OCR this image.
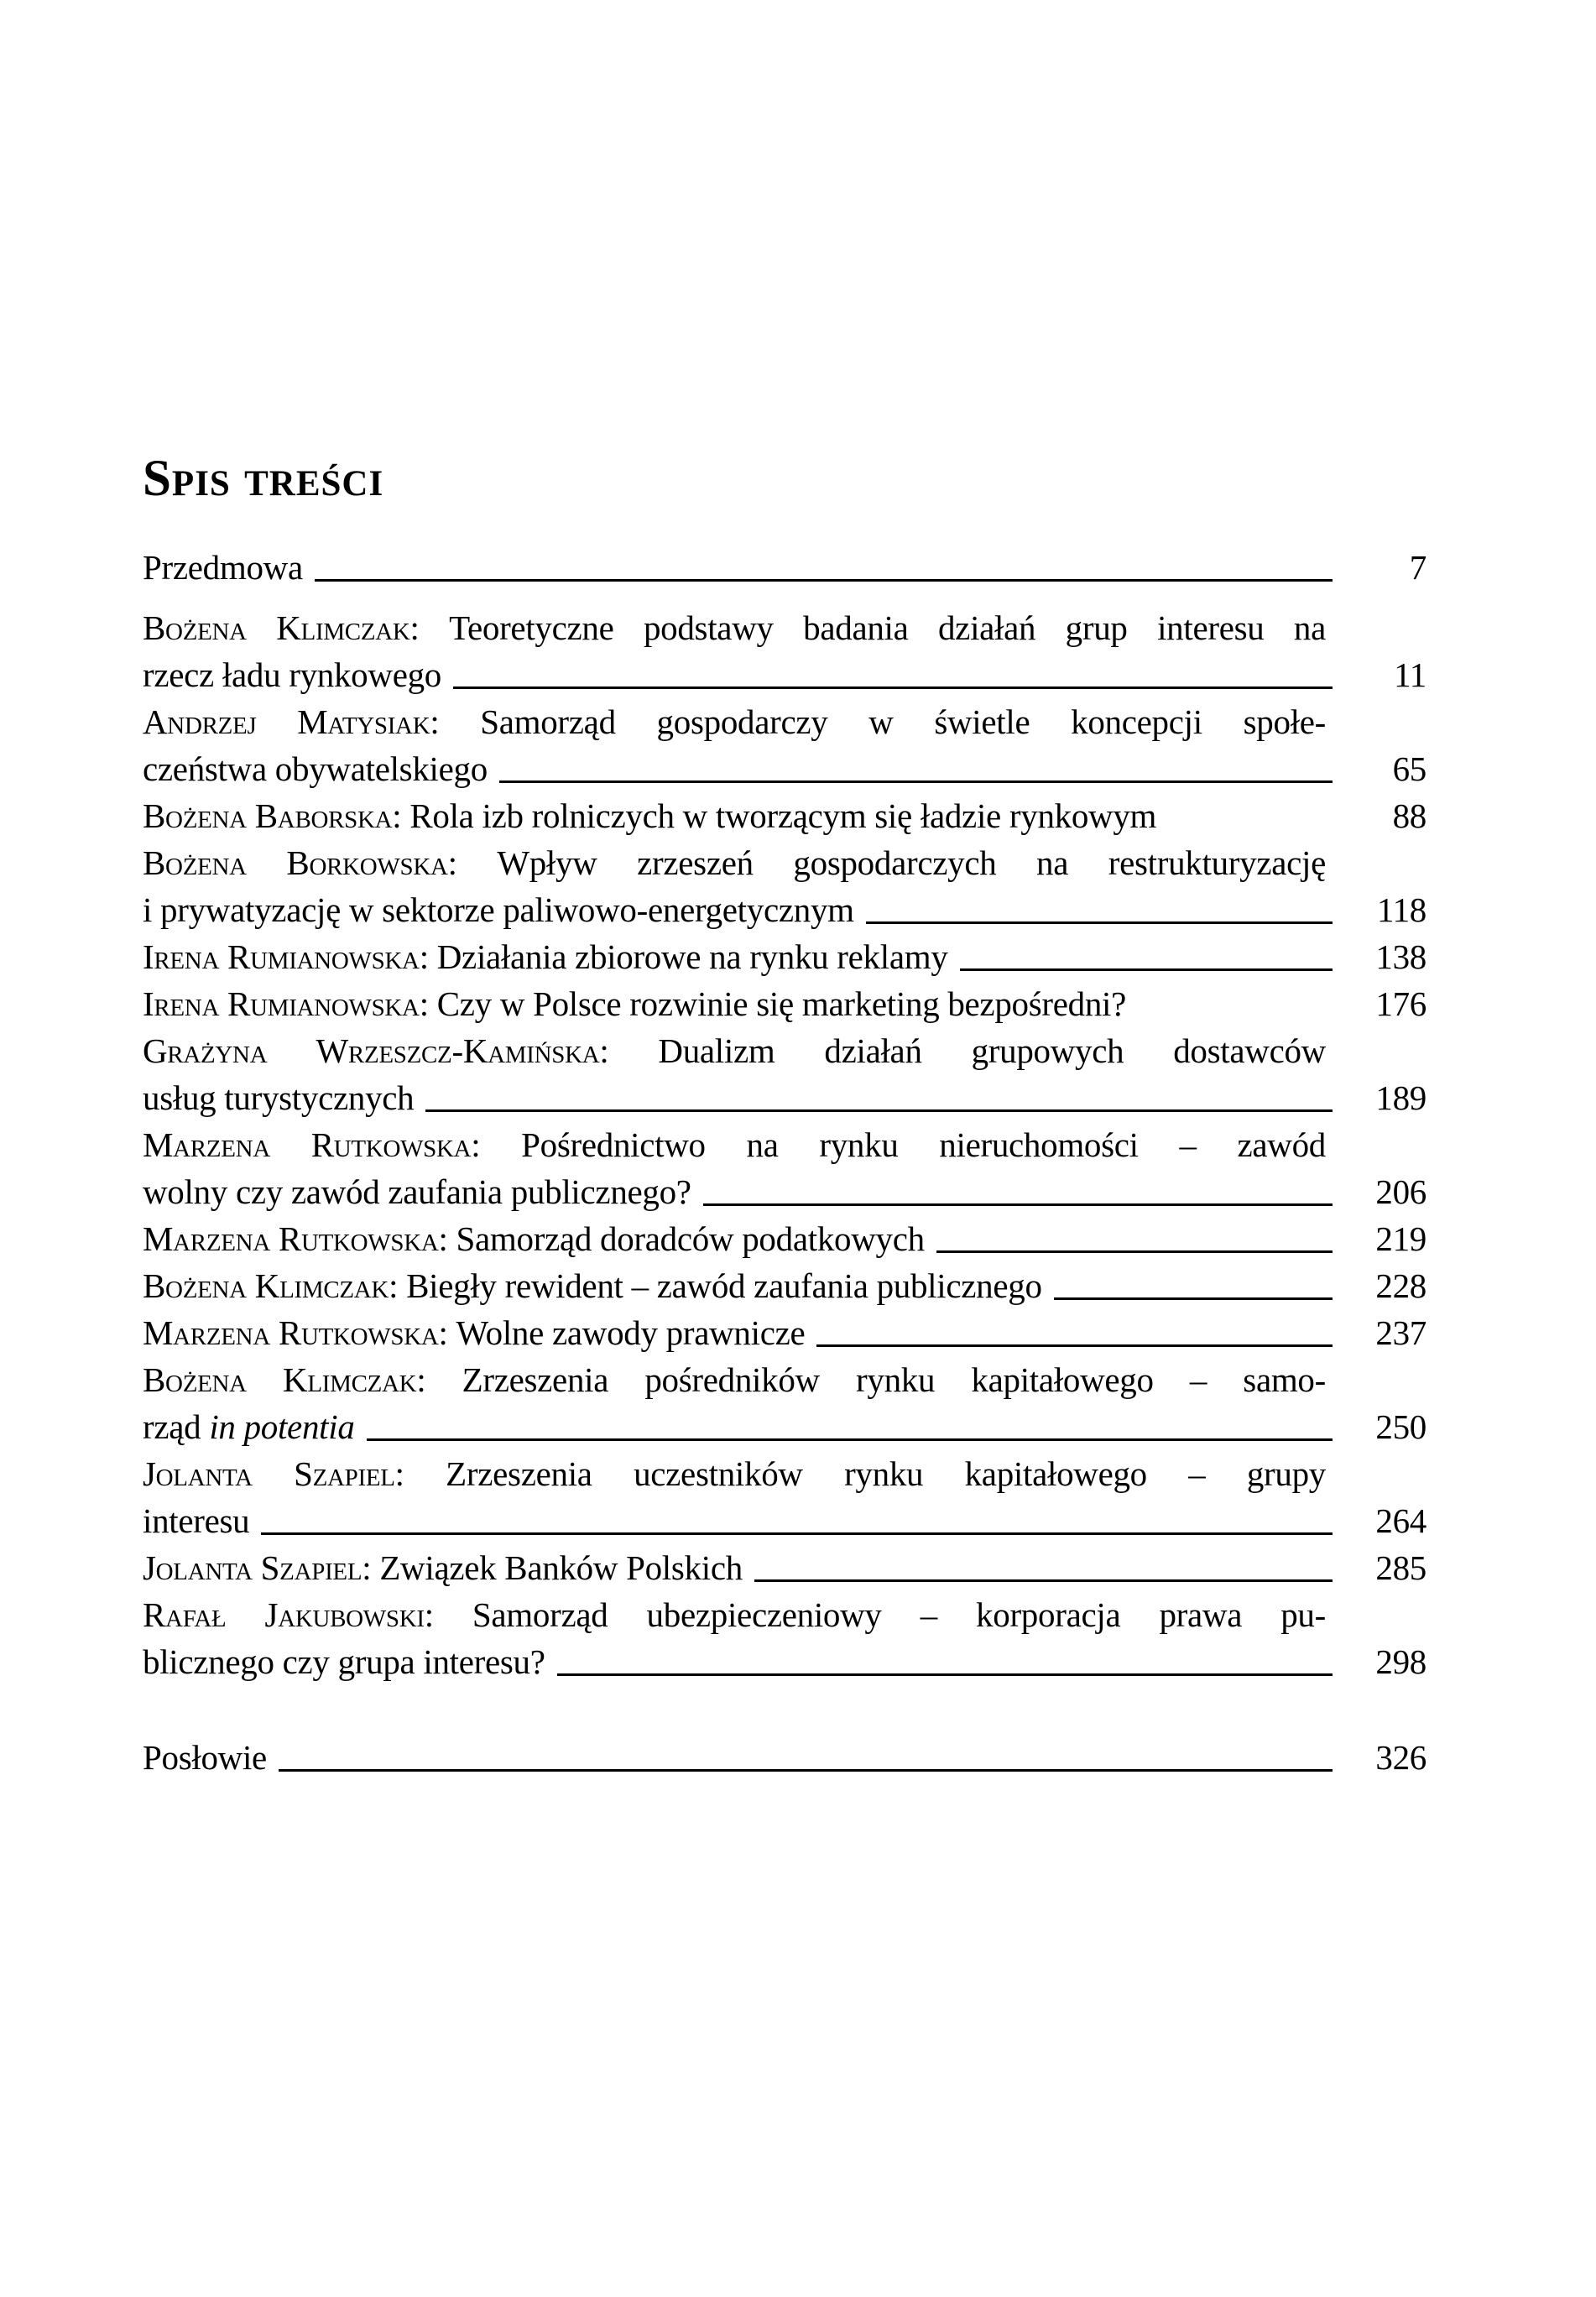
Spis treści
Przedmowa	7
Bożena Klimczak: Teoretyczne podstawy badania działań grup interesu na
rzecz ładu rynkowego	11
Andrzej Matysiak: Samorząd gospodarczy w świetle koncepcji społe-
czeństwa obywatelskiego	65
Bożena Baborska: Rola izb rolniczych w tworzącym się ładzie rynkowym	88
Bożena Borkowska: Wpływ zrzeszeń gospodarczych na restrukturyzację
i prywatyzację w sektorze paliwowo-energetycznym	118
Irena Rumianowska: Działania zbiorowe na rynku reklamy	138
Irena Rumianowska: Czy w Polsce rozwinie się marketing bezpośredni?	176
Grażyna Wrzeszcz-Kamińska: Dualizm działań grupowych dostawców
usług turystycznych	189
Marzena Rutkowska: Pośrednictwo na rynku nieruchomości – zawód
wolny czy zawód zaufania publicznego?	206
Marzena Rutkowska: Samorząd doradców podatkowych	219
Bożena Klimczak: Biegły rewident – zawód zaufania publicznego	228
Marzena Rutkowska: Wolne zawody prawnicze	237
Bożena Klimczak: Zrzeszenia pośredników rynku kapitałowego – samo-
rząd in potentia	250
Jolanta Szapiel: Zrzeszenia uczestników rynku kapitałowego – grupy
interesu	264
Jolanta Szapiel: Związek Banków Polskich	285
Rafał Jakubowski: Samorząd ubezpieczeniowy – korporacja prawa pu-
blicznego czy grupa interesu?	298
Posłowie	326
